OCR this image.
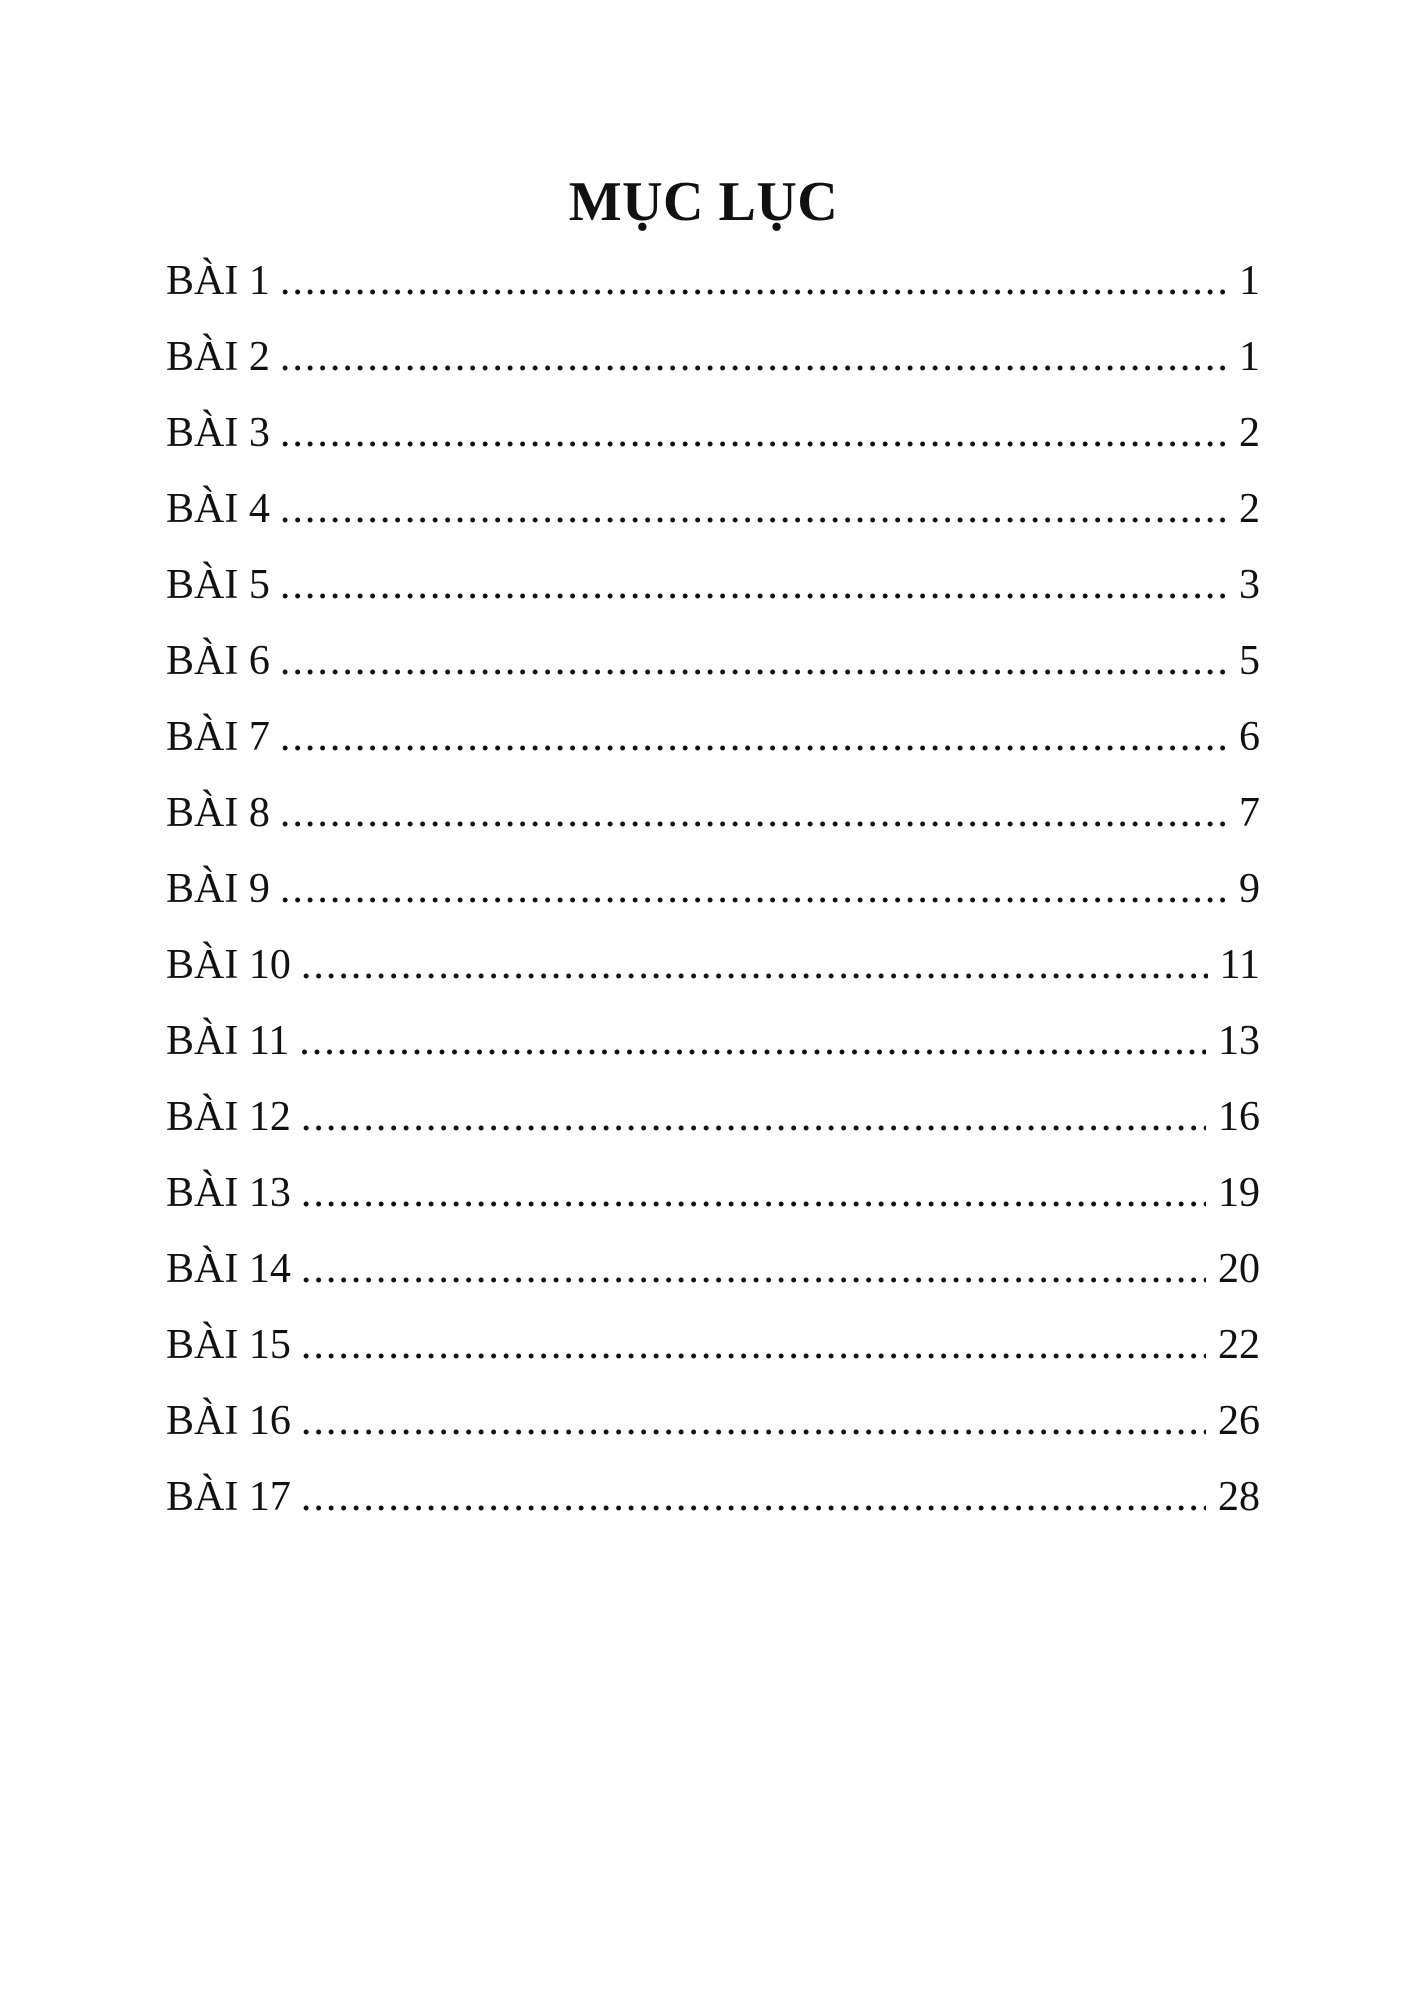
MỤC LỤC
BÀI 1 .....	1
BÀI 2 .....	1
BÀI 3 .....	2
BÀI 4 .....	2
BÀI 5 .....	3
BÀI 6 .....	5
BÀI 7 .....	6
BÀI 8 .....	7
BÀI 9 .....	9
BÀI 10 .....	11
BÀI 11 .....	13
BÀI 12 .....	16
BÀI 13 .....	19
BÀI 14 .....	20
BÀI 15 .....	22
BÀI 16 .....	26
BÀI 17 .....	28
